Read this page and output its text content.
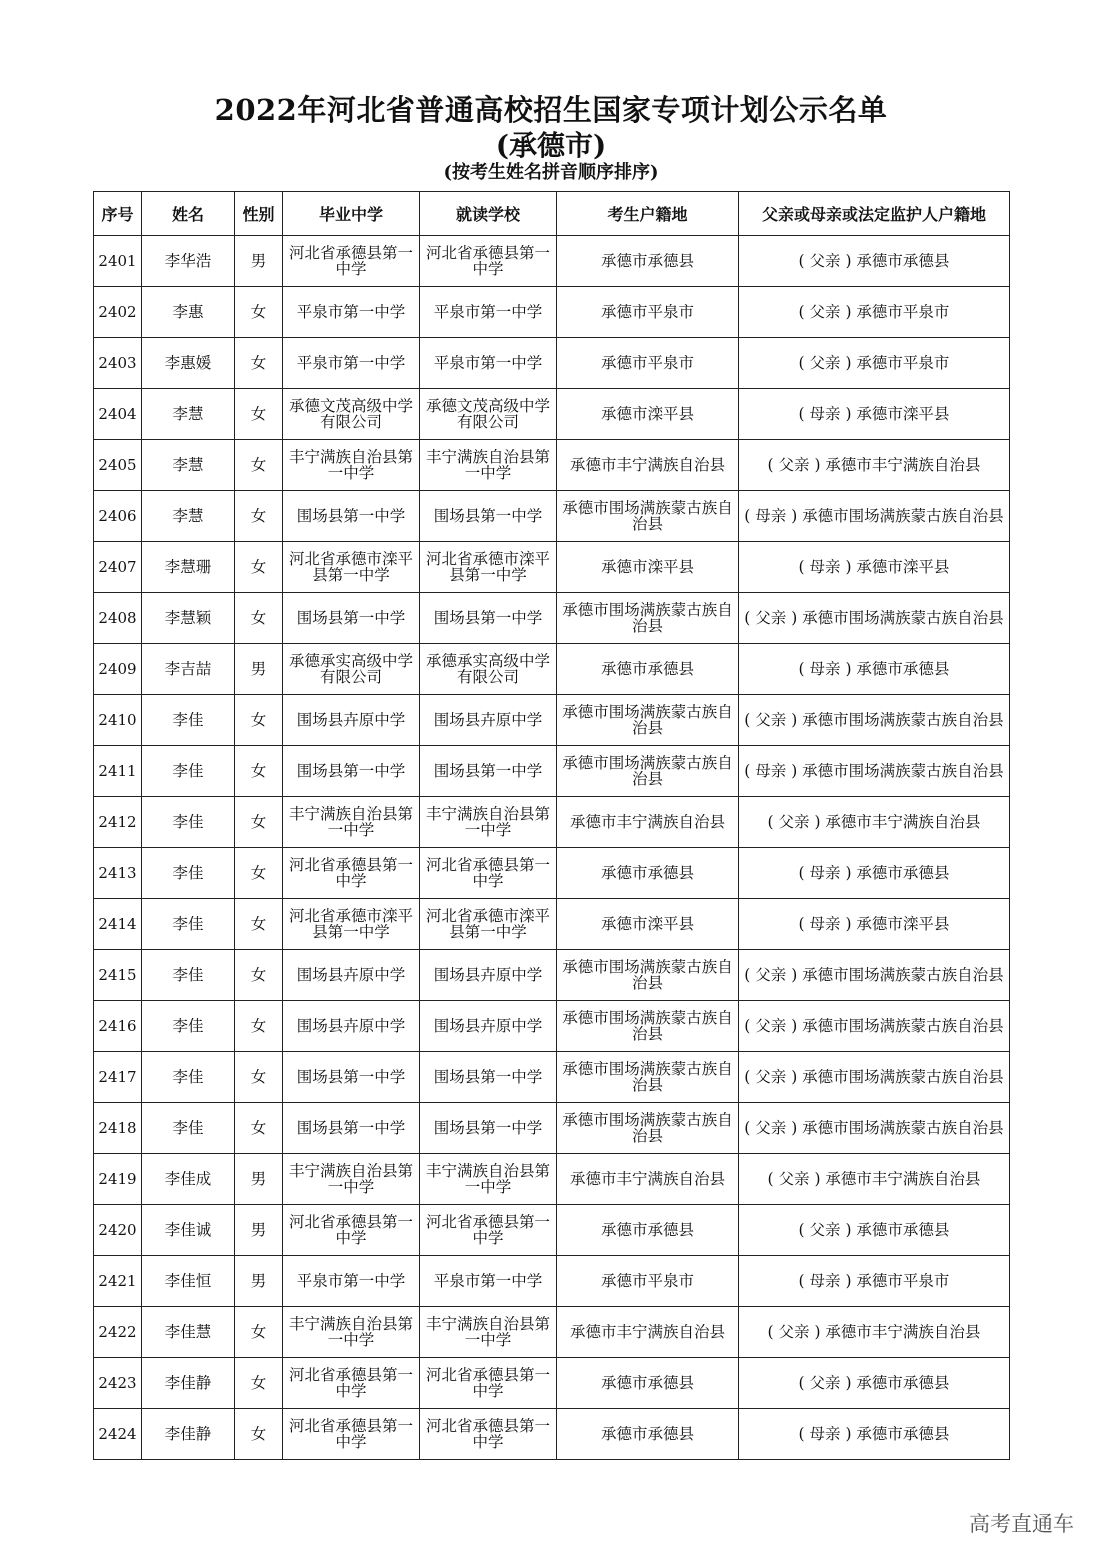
2022年河北省普通高校招生国家专项计划公示名单
(承德市)
(按考生姓名拼音顺序排序)
序号	姓名	性别	毕业中学	就读学校	考生户籍地	父亲或母亲或法定监护人户籍地
2401	李华浩	男	河北省承德县第一中学	河北省承德县第一中学	承德市承德县	( 父亲 ) 承德市承德县
2402	李惠	女	平泉市第一中学	平泉市第一中学	承德市平泉市	( 父亲 ) 承德市平泉市
2403	李惠媛	女	平泉市第一中学	平泉市第一中学	承德市平泉市	( 父亲 ) 承德市平泉市
2404	李慧	女	承德文茂高级中学有限公司	承德文茂高级中学有限公司	承德市滦平县	( 母亲 ) 承德市滦平县
2405	李慧	女	丰宁满族自治县第一中学	丰宁满族自治县第一中学	承德市丰宁满族自治县	( 父亲 ) 承德市丰宁满族自治县
2406	李慧	女	围场县第一中学	围场县第一中学	承德市围场满族蒙古族自治县	( 母亲 ) 承德市围场满族蒙古族自治县
2407	李慧珊	女	河北省承德市滦平县第一中学	河北省承德市滦平县第一中学	承德市滦平县	( 母亲 ) 承德市滦平县
2408	李慧颖	女	围场县第一中学	围场县第一中学	承德市围场满族蒙古族自治县	( 父亲 ) 承德市围场满族蒙古族自治县
2409	李吉喆	男	承德承实高级中学有限公司	承德承实高级中学有限公司	承德市承德县	( 母亲 ) 承德市承德县
2410	李佳	女	围场县卉原中学	围场县卉原中学	承德市围场满族蒙古族自治县	( 父亲 ) 承德市围场满族蒙古族自治县
2411	李佳	女	围场县第一中学	围场县第一中学	承德市围场满族蒙古族自治县	( 母亲 ) 承德市围场满族蒙古族自治县
2412	李佳	女	丰宁满族自治县第一中学	丰宁满族自治县第一中学	承德市丰宁满族自治县	( 父亲 ) 承德市丰宁满族自治县
2413	李佳	女	河北省承德县第一中学	河北省承德县第一中学	承德市承德县	( 母亲 ) 承德市承德县
2414	李佳	女	河北省承德市滦平县第一中学	河北省承德市滦平县第一中学	承德市滦平县	( 母亲 ) 承德市滦平县
2415	李佳	女	围场县卉原中学	围场县卉原中学	承德市围场满族蒙古族自治县	( 父亲 ) 承德市围场满族蒙古族自治县
2416	李佳	女	围场县卉原中学	围场县卉原中学	承德市围场满族蒙古族自治县	( 父亲 ) 承德市围场满族蒙古族自治县
2417	李佳	女	围场县第一中学	围场县第一中学	承德市围场满族蒙古族自治县	( 父亲 ) 承德市围场满族蒙古族自治县
2418	李佳	女	围场县第一中学	围场县第一中学	承德市围场满族蒙古族自治县	( 父亲 ) 承德市围场满族蒙古族自治县
2419	李佳成	男	丰宁满族自治县第一中学	丰宁满族自治县第一中学	承德市丰宁满族自治县	( 父亲 ) 承德市丰宁满族自治县
2420	李佳诚	男	河北省承德县第一中学	河北省承德县第一中学	承德市承德县	( 父亲 ) 承德市承德县
2421	李佳恒	男	平泉市第一中学	平泉市第一中学	承德市平泉市	( 母亲 ) 承德市平泉市
2422	李佳慧	女	丰宁满族自治县第一中学	丰宁满族自治县第一中学	承德市丰宁满族自治县	( 父亲 ) 承德市丰宁满族自治县
2423	李佳静	女	河北省承德县第一中学	河北省承德县第一中学	承德市承德县	( 父亲 ) 承德市承德县
2424	李佳静	女	河北省承德县第一中学	河北省承德县第一中学	承德市承德县	( 母亲 ) 承德市承德县
高考直通车
